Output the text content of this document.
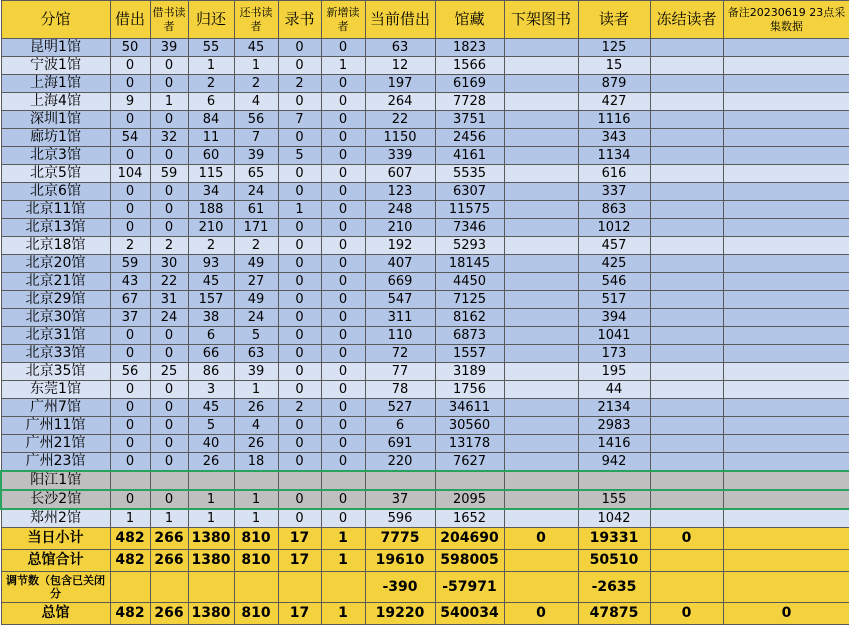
分馆	借出	借书读者	归还	还书读者	录书	新增读者	当前借出	馆藏	下架图书	读者	冻结读者	备注20230619 23点采集数据
昆明1馆	50	39	55	45	0	0	63	1823		125		
宁波1馆	0	0	1	1	0	1	12	1566		15		
上海1馆	0	0	2	2	2	0	197	6169		879		
上海4馆	9	1	6	4	0	0	264	7728		427		
深圳1馆	0	0	84	56	7	0	22	3751		1116		
廊坊1馆	54	32	11	7	0	0	1150	2456		343		
北京3馆	0	0	60	39	5	0	339	4161		1134		
北京5馆	104	59	115	65	0	0	607	5535		616		
北京6馆	0	0	34	24	0	0	123	6307		337		
北京11馆	0	0	188	61	1	0	248	11575		863		
北京13馆	0	0	210	171	0	0	210	7346		1012		
北京18馆	2	2	2	2	0	0	192	5293		457		
北京20馆	59	30	93	49	0	0	407	18145		425		
北京21馆	43	22	45	27	0	0	669	4450		546		
北京29馆	67	31	157	49	0	0	547	7125		517		
北京30馆	37	24	38	24	0	0	311	8162		394		
北京31馆	0	0	6	5	0	0	110	6873		1041		
北京33馆	0	0	66	63	0	0	72	1557		173		
北京35馆	56	25	86	39	0	0	77	3189		195		
东莞1馆	0	0	3	1	0	0	78	1756		44		
广州7馆	0	0	45	26	2	0	527	34611		2134		
广州11馆	0	0	5	4	0	0	6	30560		2983		
广州21馆	0	0	40	26	0	0	691	13178		1416		
广州23馆	0	0	26	18	0	0	220	7627		942		
阳江1馆												
长沙2馆	0	0	1	1	0	0	37	2095		155		
郑州2馆	1	1	1	1	0	0	596	1652		1042		
当日小计	482	266	1380	810	17	1	7775	204690	0	19331	0	
总馆合计	482	266	1380	810	17	1	19610	598005		50510		
调节数（包含已关闭分							-390	-57971		-2635		
总馆	482	266	1380	810	17	1	19220	540034	0	47875	0	0
